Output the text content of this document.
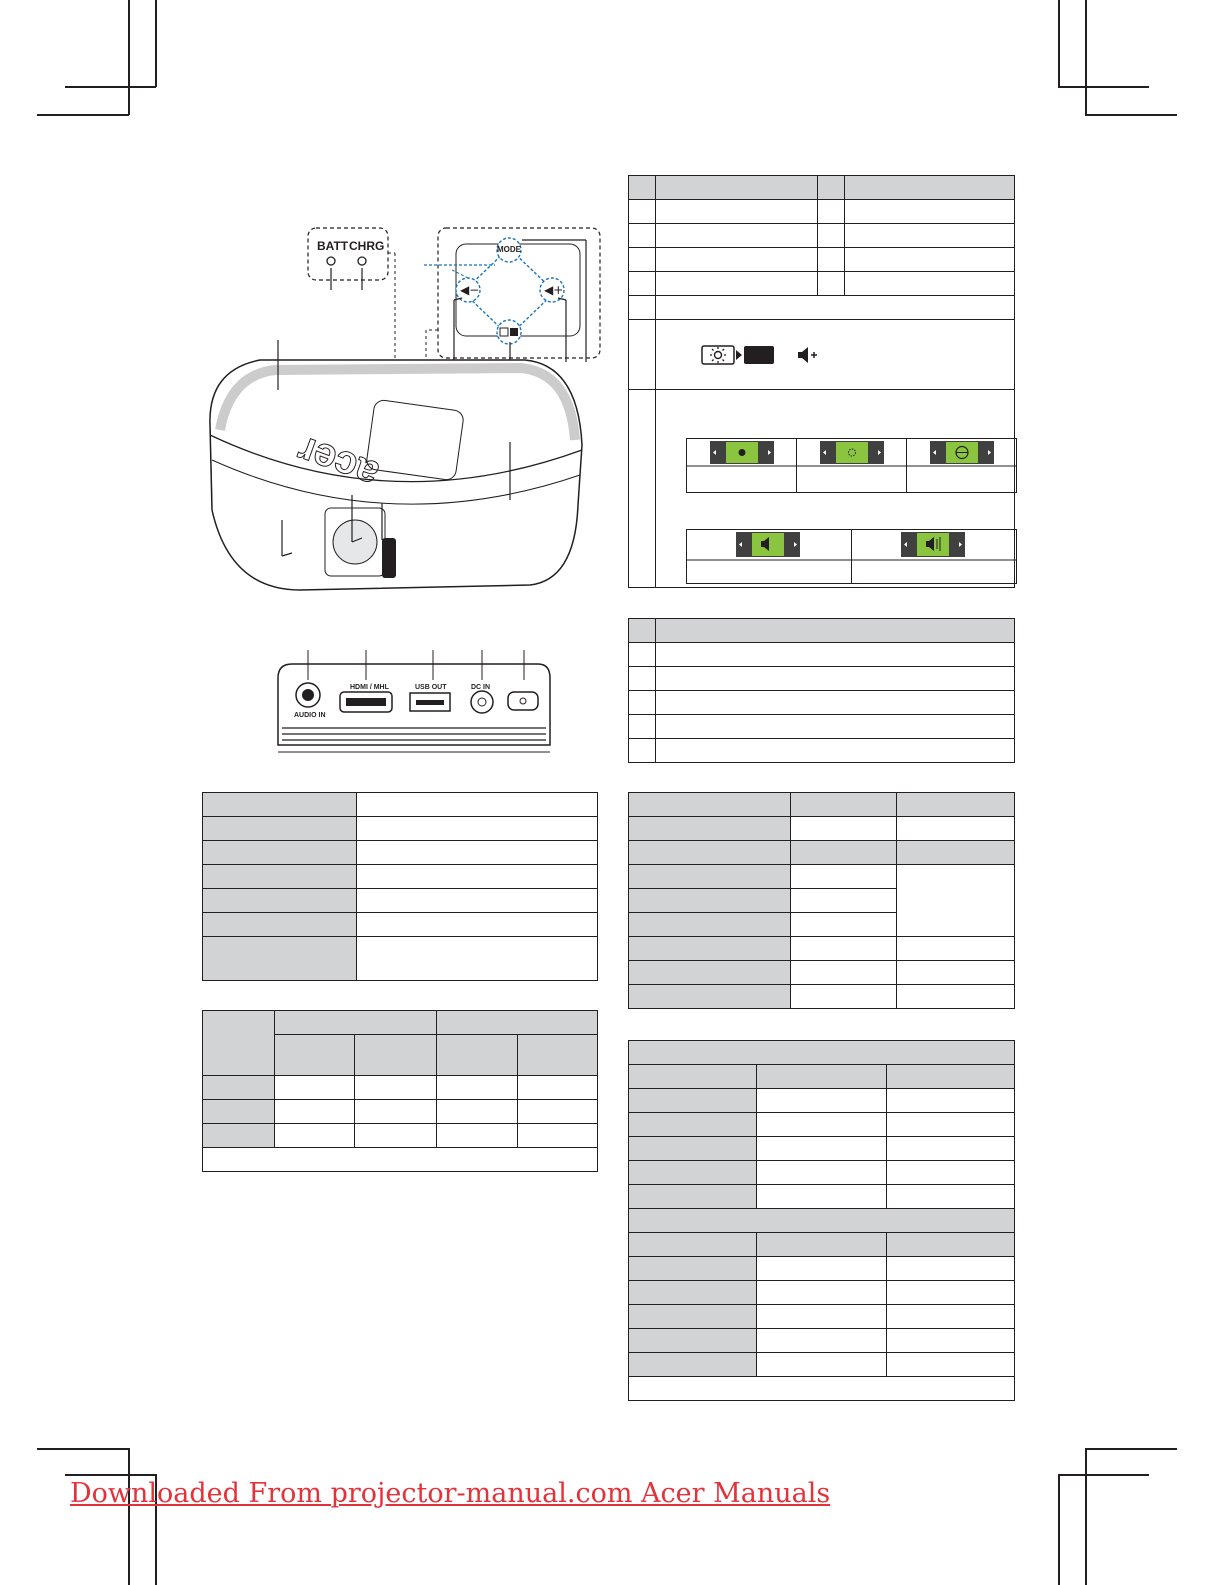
BATT CHRG	MODE
◀−	◀+
acer
AUDIO IN
HDMI / MHL	USB OUT	DC IN

Downloaded From projector-manual.com Acer Manuals
